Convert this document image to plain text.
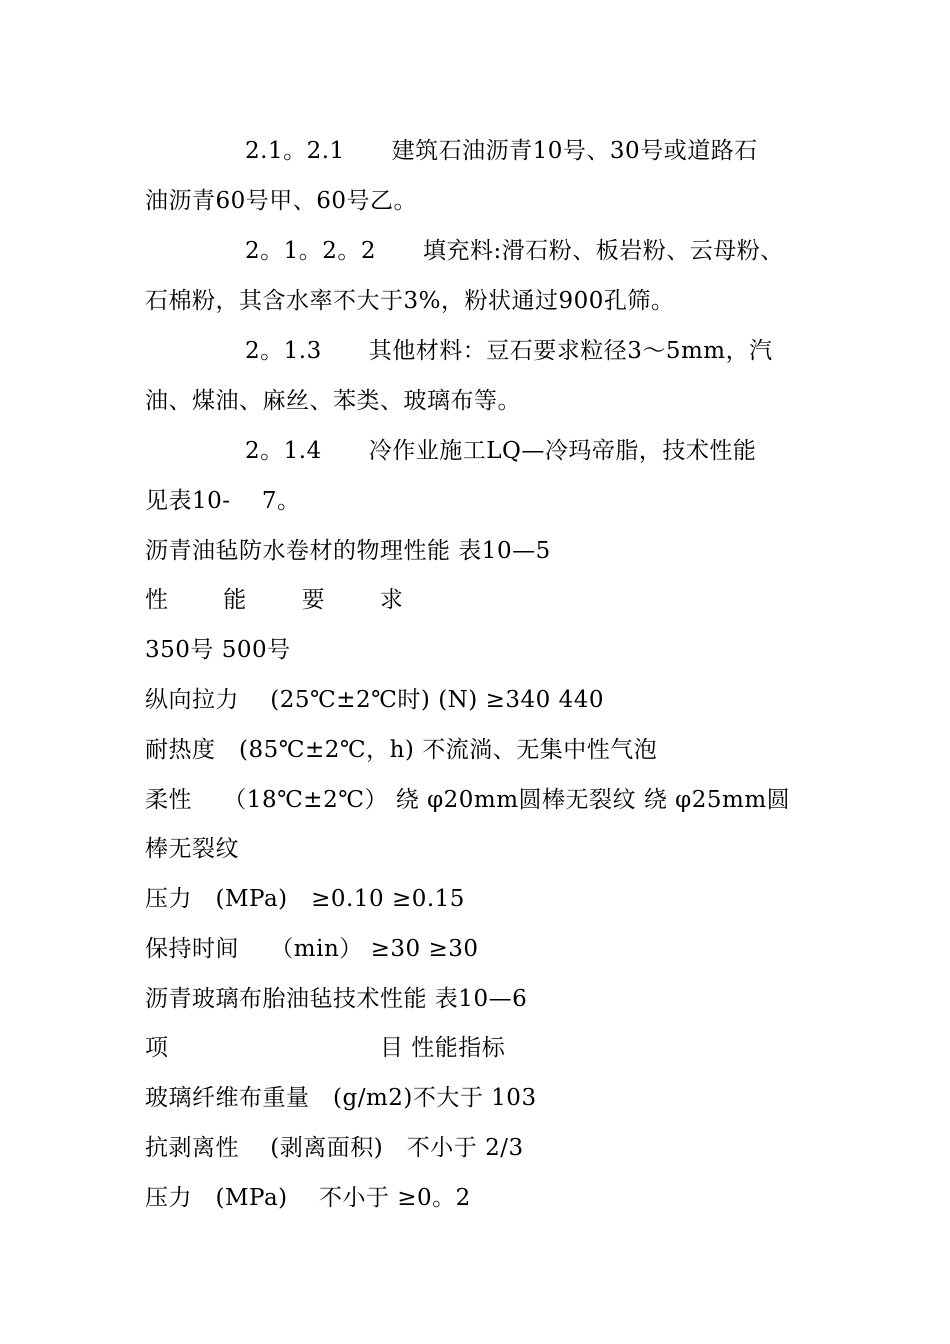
2.1。2.1　　建筑石油沥青10号、30号或道路石
油沥青60号甲、60号乙。
2。1。2。2　　填充料:滑石粉、板岩粉、云母粉、
石棉粉，其含水率不大于3%，粉状通过900孔筛。
2。1.3　　其他材料：豆石要求粒径3～5mm，汽
油、煤油、麻丝、苯类、玻璃布等。
2。1.4　　冷作业施工LQ—冷玛帝脂，技术性能
见表10-　 7。
沥青油毡防水卷材的物理性能 表10—5
性　　 能　　 要　　 求
350号 500号
纵向拉力　 (25℃±2℃时) (N) ≥340 440
耐热度　(85℃±2℃，h) 不流淌、无集中性气泡
柔性　 （18℃±2℃） 绕 φ20mm圆棒无裂纹 绕 φ25mm圆
棒无裂纹
压力　(MPa)　≥0.10 ≥0.15
保持时间　 （min） ≥30 ≥30
沥青玻璃布胎油毡技术性能 表10—6
项　　　　　　　　　目 性能指标
玻璃纤维布重量　(g/m2)不大于 103
抗剥离性　 (剥离面积)　不小于 2/3
压力　(MPa)　 不小于 ≥0。2
